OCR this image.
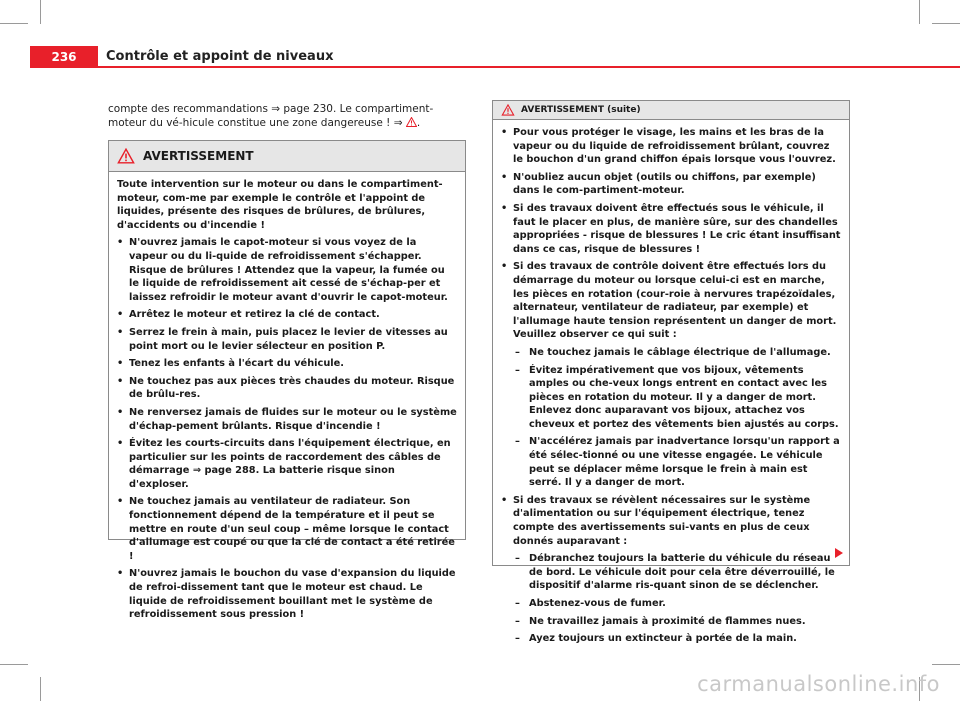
236	Contrôle et appoint de niveaux
compte des recommandations ⇒ page 230. Le compartiment-moteur du vé-hicule constitue une zone dangereuse ! ⇒ .
AVERTISSEMENT

Toute intervention sur le moteur ou dans le compartiment-moteur, com-me par exemple le contrôle et l'appoint de liquides, présente des risques de brûlures, de brûlures, d'accidents ou d'incendie !

• N'ouvrez jamais le capot-moteur si vous voyez de la vapeur ou du li-quide de refroidissement s'échapper. Risque de brûlures ! Attendez que la vapeur, la fumée ou le liquide de refroidissement ait cessé de s'échap-per et laissez refroidir le moteur avant d'ouvrir le capot-moteur.
• Arrêtez le moteur et retirez la clé de contact.
• Serrez le frein à main, puis placez le levier de vitesses au point mort ou le levier sélecteur en position P.
• Tenez les enfants à l'écart du véhicule.
• Ne touchez pas aux pièces très chaudes du moteur. Risque de brûlu-res.
• Ne renversez jamais de fluides sur le moteur ou le système d'échap-pement brûlants. Risque d'incendie !
• Évitez les courts-circuits dans l'équipement électrique, en particulier sur les points de raccordement des câbles de démarrage ⇒ page 288. La batterie risque sinon d'exploser.
• Ne touchez jamais au ventilateur de radiateur. Son fonctionnement dépend de la température et il peut se mettre en route d'un seul coup – même lorsque le contact d'allumage est coupé ou que la clé de contact a été retirée !
• N'ouvrez jamais le bouchon du vase d'expansion du liquide de refroi-dissement tant que le moteur est chaud. Le liquide de refroidissement bouillant met le système de refroidissement sous pression !
AVERTISSEMENT (suite)
• Pour vous protéger le visage, les mains et les bras de la vapeur ou du liquide de refroidissement brûlant, couvrez le bouchon d'un grand chiffon épais lorsque vous l'ouvrez.
• N'oubliez aucun objet (outils ou chiffons, par exemple) dans le com-partiment-moteur.
• Si des travaux doivent être effectués sous le véhicule, il faut le placer en plus, de manière sûre, sur des chandelles appropriées - risque de blessures ! Le cric étant insuffisant dans ce cas, risque de blessures !
• Si des travaux de contrôle doivent être effectués lors du démarrage du moteur ou lorsque celui-ci est en marche, les pièces en rotation (cour-roie à nervures trapézoïdales, alternateur, ventilateur de radiateur, par exemple) et l'allumage haute tension représentent un danger de mort. Veuillez observer ce qui suit :
– Ne touchez jamais le câblage électrique de l'allumage.
– Évitez impérativement que vos bijoux, vêtements amples ou che-veux longs entrent en contact avec les pièces en rotation du moteur. Il y a danger de mort. Enlevez donc auparavant vos bijoux, attachez vos cheveux et portez des vêtements bien ajustés au corps.
– N'accélérez jamais par inadvertance lorsqu'un rapport a été sélec-tionné ou une vitesse engagée. Le véhicule peut se déplacer même lorsque le frein à main est serré. Il y a danger de mort.
• Si des travaux se révèlent nécessaires sur le système d'alimentation ou sur l'équipement électrique, tenez compte des avertissements sui-vants en plus de ceux donnés auparavant :
– Débranchez toujours la batterie du véhicule du réseau de bord. Le véhicule doit pour cela être déverrouillé, le dispositif d'alarme ris-quant sinon de se déclencher.
– Abstenez-vous de fumer.
– Ne travaillez jamais à proximité de flammes nues.
– Ayez toujours un extincteur à portée de la main.
carmanualsonline.info
